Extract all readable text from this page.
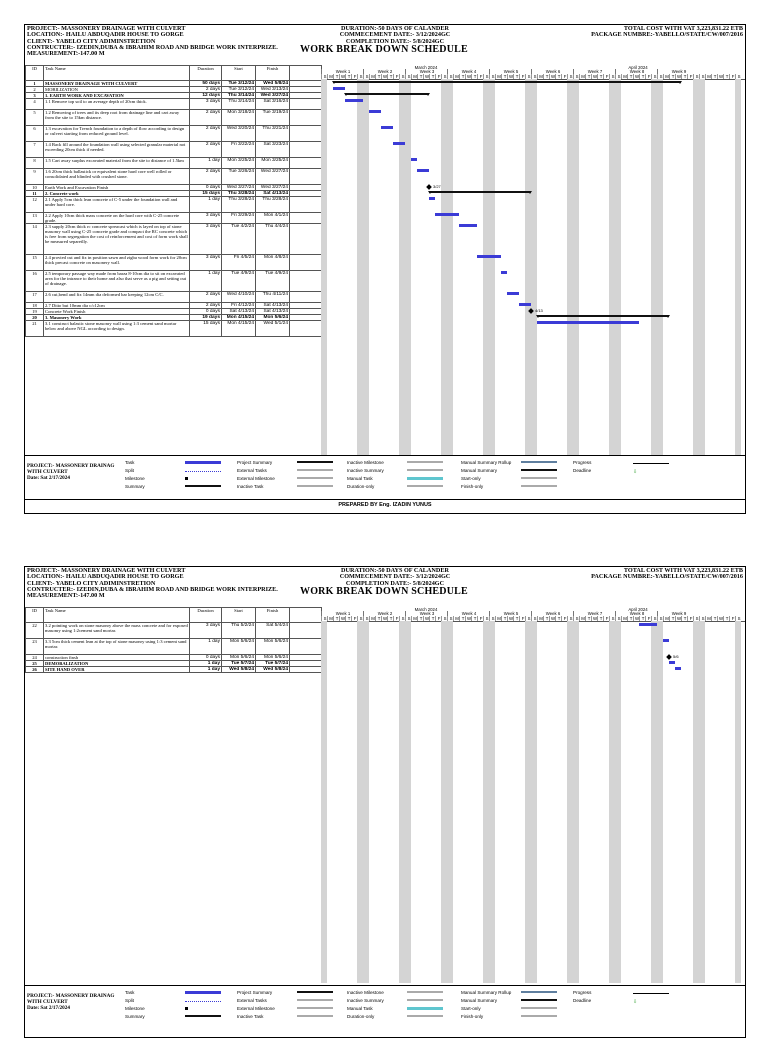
PROJECT:- MASSONERY DRAINAGE WITH CULVERT
LOCATION:- HAILU ABDUQADIR HOUSE TO GORGE
CLIENT:- YABELO CITY ADIMINSTRETION
CONTRUCTER:- IZEDIN,DUBA & IBRAHIM ROAD AND BRIDGE WORK INTERPRIZE.
MEASUREMENT:-147.00 M
DURATION:-50 DAYS OF CALANDER
COMMECEMENT DATE:- 3/12/2024GC
COMPLETION DATE:- 5/8/2024GC
WORK BREAK DOWN SCHEDULE
TOTAL COST WITH VAT 3,223,831.22 ETB
PACKAGE NUMBRE:-YABELLO/STATE/CW/007/2016
ID	Task Name	Duration	Start	Finish	
1	MASSONERY DRAINAGE WITH CULVERT	50 days	Tue 3/12/24	Wed 5/8/24	
2	MOBILIZATION	2 days	Tue 3/12/24	Wed 3/13/24	
3	1. EARTH WORK AND EXCAVATION	12 days	Thu 3/14/24	Wed 3/27/24	
4	1.1 Remove top soil to an average depth of 20cm thick.	3 days	Thu 3/14/24	Sat 3/16/24	
5	1.2 Removing of trees and its deep root from drainage line and cart away from the site to 15km distance.	2 days	Mon 3/18/24	Tue 3/19/24	
6	1.3 excavation for Trench foundation to a depth of flow according to design or culvert starting from reduced ground level.	2 days	Wed 3/20/24	Thu 3/21/24	
7	1.4 Back fill around the foundation wall using selected granular material not exceeding 20cm thick if needed.	2 days	Fri 3/22/24	Sat 3/23/24	
8	1.5 Cart away surplus excavated material from the site to distance of 1.5km	1 day	Mon 3/25/24	Mon 3/25/24	
9	1.6 20cm thick ballastick or equivalent stone hard core well rolled or consolidated and blinded with crushed stone.	2 days	Tue 3/26/24	Wed 3/27/24	
10	Earth Work and Excavation Finish	0 days	Wed 3/27/24	Wed 3/27/24	
11	2. Concrete work	15 days	Thu 3/28/24	Sat 4/13/24	
12	2.1 Apply 5cm thick lean concrete of C-5 under the foundation wall and under hard core.	1 day	Thu 3/28/24	Thu 3/28/24	
13	2.2 Apply 10cm thick mass concrete on the hard core with C-25 concrete grade.	3 days	Fri 3/29/24	Mon 4/1/24	
14	2.3 supply 20cm thick rc concrete spreacast which is layed on top of stone masonry wall using C-25 concrete grade and compact the RC concrete which is free from segregation the cost of reinforcement and cost of form work shall be measured separetlly.	3 days	Tue 4/2/24	Thu 4/4/24	
15	2.4 provied cut and fix in position sawn and zigba wood form work for 20cm thick precast concrete on masonery wall.	3 days	Fri 4/5/24	Mon 4/8/24	
16	2.5 temporary passage way made from barza 8-10cm dia to sit on excavated area for the intrance to their home and also that serve as a pig and setting out of drainage.	1 day	Tue 4/9/24	Tue 4/9/24	
17	2.6 cut,bend and fix 14mm dia deformed bar keeping 12cm C/C.	2 days	Wed 4/10/24	Thu 4/11/24	
18	2.7 Ditto but 10mm dia c/c12cm	2 days	Fri 4/12/24	Sat 4/13/24	
19	Concrete Work Finish	0 days	Sat 4/13/24	Sat 4/13/24	
20	3. Masonery Work	19 days	Mon 4/15/24	Mon 5/6/24	
21	3.1 construct balastic stone masonry wall using 1:3 cement sand mortar below and above NGL according to design.	15 days	Mon 4/15/24	Wed 5/1/24	
March 2024	April 2024
Week 1	Week 2	Week 3	Week 4	Week 5	Week 6	Week 7	Week 8	Week 9
S M T W T F S S M T W T F S S M T W T F S S M T W T F S S M T W T F S S M T W T F S S M T W T F S S M T W T F S S M T W T F S S M T W T F S
3/27
4/13
PROJECT:- MASSONERY DRAINAG WITH CULVERT
Date: Sat 2/17/2024
Task
Split
Milestone
Summary
Project Summary
External Tasks
External Milestone
Inactive Task
Inactive Milestone
Inactive Summary
Manual Task
Duration-only
Manual Summary Rollup
Manual Summary
Start-only
Finish-only
Progress
Deadline	⇩
PREPARED BY Eng. IZADIN YUNUS
PROJECT:- MASSONERY DRAINAGE WITH CULVERT
LOCATION:- HAILU ABDUQADIR HOUSE TO GORGE
CLIENT:- YABELO CITY ADIMINSTRETION
CONTRUCTER:- IZEDIN,DUBA & IBRAHIM ROAD AND BRIDGE WORK INTERPRIZE.
MEASUREMENT:-147.00 M
DURATION:-50 DAYS OF CALANDER
COMMECEMENT DATE:- 3/12/2024GC
COMPLETION DATE:- 5/8/2024GC
WORK BREAK DOWN SCHEDULE
TOTAL COST WITH VAT 3,223,831.22 ETB
PACKAGE NUMBRE:-YABELLO/STATE/CW/007/2016
ID	Task Name	Duration	Start	Finish	
22	3.2 pointing work on stone masonry above the mass concrete and for exposed masonry using 1:2cement sand mortar.	3 days	Thu 5/2/24	Sat 5/4/24	
23	3.3 5cm thick cement lean at the top of stone masonry using 1:3 cement sand mortar.	1 day	Mon 5/6/24	Mon 5/6/24	
24	construction finsh	0 days	Mon 5/6/24	Mon 5/6/24	
25	DEMOBALIZATION	1 day	Tue 5/7/24	Tue 5/7/24	
26	SITE HAND OVER	1 day	Wed 5/8/24	Wed 5/8/24	
March 2024	April 2024
Week 1	Week 2	Week 3	Week 4	Week 5	Week 6	Week 7	Week 8	Week 9
S M T W T F S S M T W T F S S M T W T F S S M T W T F S S M T W T F S S M T W T F S S M T W T F S S M T W T F S S M T W T F S S M T W T F S
5/6
PROJECT:- MASSONERY DRAINAG WITH CULVERT
Date: Sat 2/17/2024
Task
Split
Milestone
Summary
Project Summary
External Tasks
External Milestone
Inactive Task
Inactive Milestone
Inactive Summary
Manual Task
Duration-only
Manual Summary Rollup
Manual Summary
Start-only
Finish-only
Progress
Deadline	⇩
